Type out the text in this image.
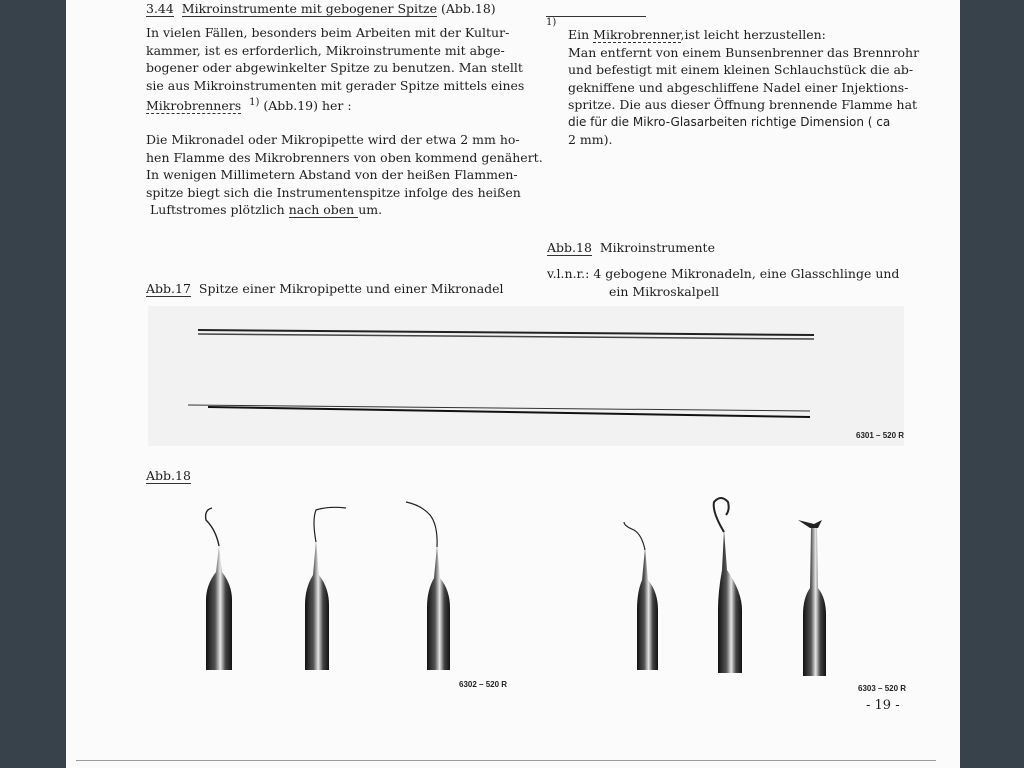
3.44 Mikroinstrumente mit gebogener Spitze (Abb.18)
In vielen Fällen, besonders beim Arbeiten mit der Kultur-
kammer, ist es erforderlich, Mikroinstrumente mit abge-
bogener oder abgewinkelter Spitze zu benutzen. Man stellt
sie aus Mikroinstrumenten mit gerader Spitze mittels eines
Mikrobrenners $^{1)}$ (Abb.19) her :
Die Mikronadel oder Mikropipette wird der etwa 2 mm ho-
hen Flamme des Mikrobrenners von oben kommend genähert.
In wenigen Millimetern Abstand von der heißen Flammen-
spitze biegt sich die Instrumentenspitze infolge des heißen
Luftstromes plötzlich nach oben um.
1)
Ein Mikrobrenner,ist leicht herzustellen:
Man entfernt von einem Bunsenbrenner das Brennrohr
und befestigt mit einem kleinen Schlauchstück die ab-
gekniffene und abgeschliffene Nadel einer Injektions-
spritze. Die aus dieser Öffnung brennende Flamme hat
die für die Mikro-Glasarbeiten richtige Dimension ( ca
2 mm).
Abb.18 Mikroinstrumente
v.l.n.r.: 4 gebogene Mikronadeln, eine Glasschlinge und
ein Mikroskalpell
Abb.17 Spitze einer Mikropipette und einer Mikronadel
6301 – 520 R
Abb.18
6302 – 520 R	6303 – 520 R
- 19 -
